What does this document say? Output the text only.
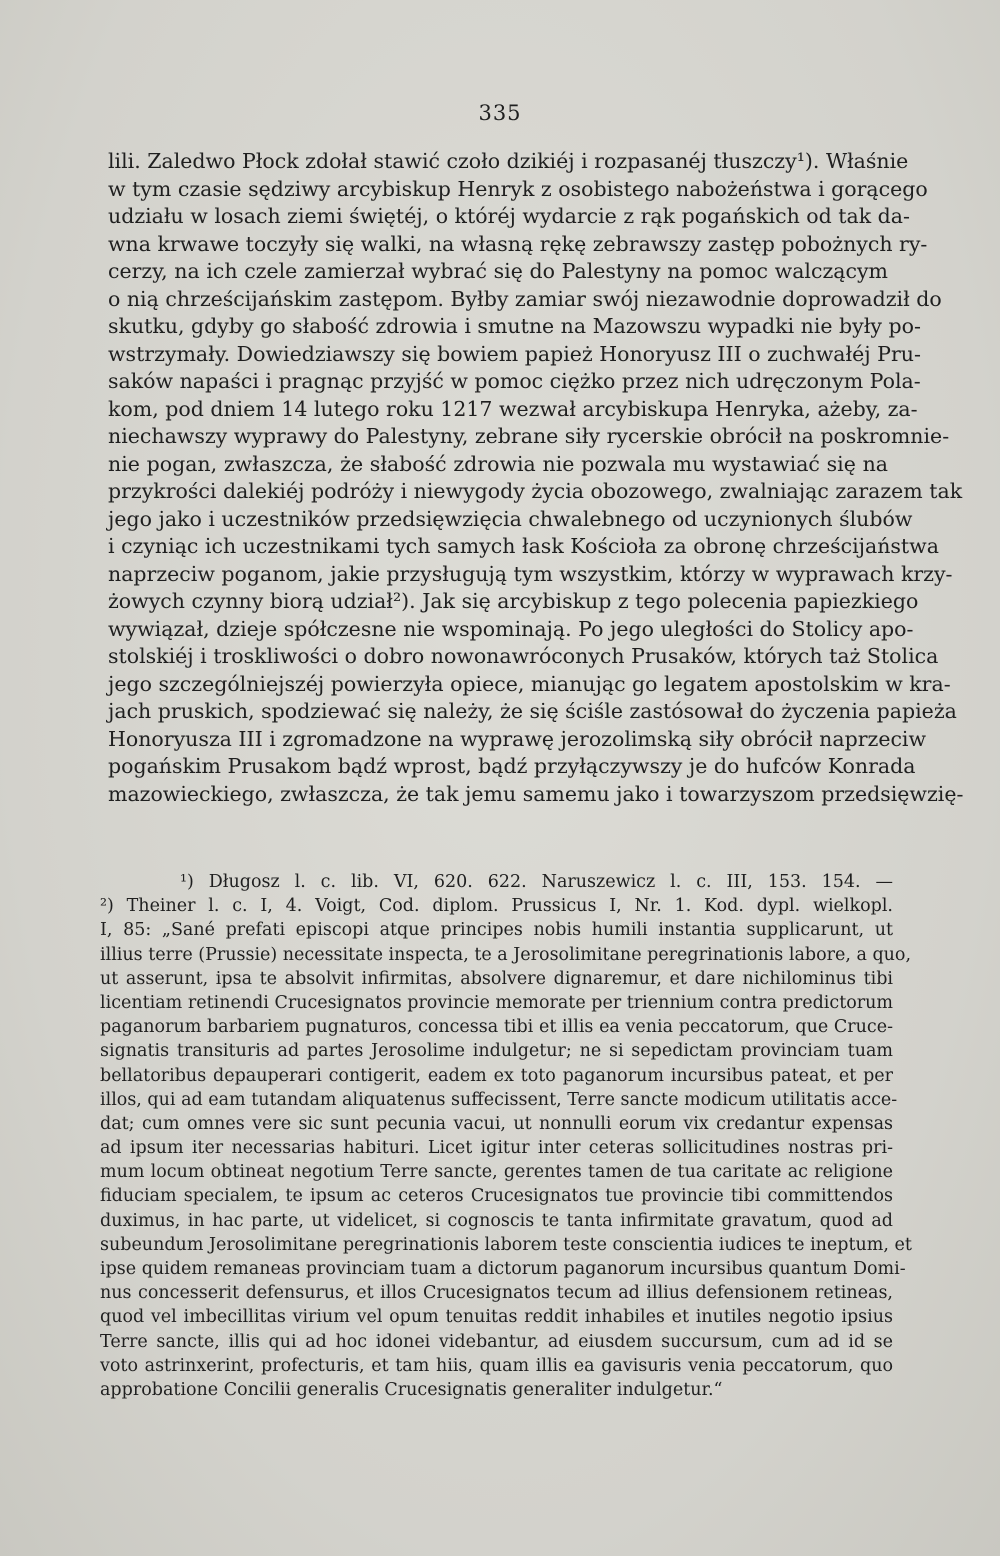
335
lili. Zaledwo Płock zdołał stawić czoło dzikiéj i rozpasanéj tłuszczy¹). Właśnie
w tym czasie sędziwy arcybiskup Henryk z osobistego nabożeństwa i gorącego
udziału w losach ziemi świętéj, o któréj wydarcie z rąk pogańskich od tak da-
wna krwawe toczyły się walki, na własną rękę zebrawszy zastęp pobożnych ry-
cerzy, na ich czele zamierzał wybrać się do Palestyny na pomoc walczącym
o nią chrześcijańskim zastępom. Byłby zamiar swój niezawodnie doprowadził do
skutku, gdyby go słabość zdrowia i smutne na Mazowszu wypadki nie były po-
wstrzymały. Dowiedziawszy się bowiem papież Honoryusz III o zuchwałéj Pru-
saków napaści i pragnąc przyjść w pomoc ciężko przez nich udręczonym Pola-
kom, pod dniem 14 lutego roku 1217 wezwał arcybiskupa Henryka, ażeby, za-
niechawszy wyprawy do Palestyny, zebrane siły rycerskie obrócił na poskromnie-
nie pogan, zwłaszcza, że słabość zdrowia nie pozwala mu wystawiać się na
przykrości dalekiéj podróży i niewygody życia obozowego, zwalniając zarazem tak
jego jako i uczestników przedsięwzięcia chwalebnego od uczynionych ślubów
i czyniąc ich uczestnikami tych samych łask Kościoła za obronę chrześcijaństwa
naprzeciw poganom, jakie przysługują tym wszystkim, którzy w wyprawach krzy-
żowych czynny biorą udział²). Jak się arcybiskup z tego polecenia papiezkiego
wywiązał, dzieje spółczesne nie wspominają. Po jego uległości do Stolicy apo-
stolskiéj i troskliwości o dobro nowonawróconych Prusaków, których taż Stolica
jego szczególniejszéj powierzyła opiece, mianując go legatem apostolskim w kra-
jach pruskich, spodziewać się należy, że się ściśle zastósował do życzenia papieża
Honoryusza III i zgromadzone na wyprawę jerozolimską siły obrócił naprzeciw
pogańskim Prusakom bądź wprost, bądź przyłączywszy je do hufców Konrada
mazowieckiego, zwłaszcza, że tak jemu samemu jako i towarzyszom przedsięwzię-
¹) Długosz l. c. lib. VI, 620. 622. Naruszewicz l. c. III, 153. 154. —
²) Theiner l. c. I, 4. Voigt, Cod. diplom. Prussicus I, Nr. 1. Kod. dypl. wielkopl.
I, 85: „Sané prefati episcopi atque principes nobis humili instantia supplicarunt, ut
illius terre (Prussie) necessitate inspecta, te a Jerosolimitane peregrinationis labore, a quo,
ut asserunt, ipsa te absolvit infirmitas, absolvere dignaremur, et dare nichilominus tibi
licentiam retinendi Crucesignatos provincie memorate per triennium contra predictorum
paganorum barbariem pugnaturos, concessa tibi et illis ea venia peccatorum, que Cruce-
signatis transituris ad partes Jerosolime indulgetur; ne si sepedictam provinciam tuam
bellatoribus depauperari contigerit, eadem ex toto paganorum incursibus pateat, et per
illos, qui ad eam tutandam aliquatenus suffecissent, Terre sancte modicum utilitatis acce-
dat; cum omnes vere sic sunt pecunia vacui, ut nonnulli eorum vix credantur expensas
ad ipsum iter necessarias habituri. Licet igitur inter ceteras sollicitudines nostras pri-
mum locum obtineat negotium Terre sancte, gerentes tamen de tua caritate ac religione
fiduciam specialem, te ipsum ac ceteros Crucesignatos tue provincie tibi committendos
duximus, in hac parte, ut videlicet, si cognoscis te tanta infirmitate gravatum, quod ad
subeundum Jerosolimitane peregrinationis laborem teste conscientia iudices te ineptum, et
ipse quidem remaneas provinciam tuam a dictorum paganorum incursibus quantum Domi-
nus concesserit defensurus, et illos Crucesignatos tecum ad illius defensionem retineas,
quod vel imbecillitas virium vel opum tenuitas reddit inhabiles et inutiles negotio ipsius
Terre sancte, illis qui ad hoc idonei videbantur, ad eiusdem succursum, cum ad id se
voto astrinxerint, profecturis, et tam hiis, quam illis ea gavisuris venia peccatorum, quo
approbatione Concilii generalis Crucesignatis generaliter indulgetur.“
